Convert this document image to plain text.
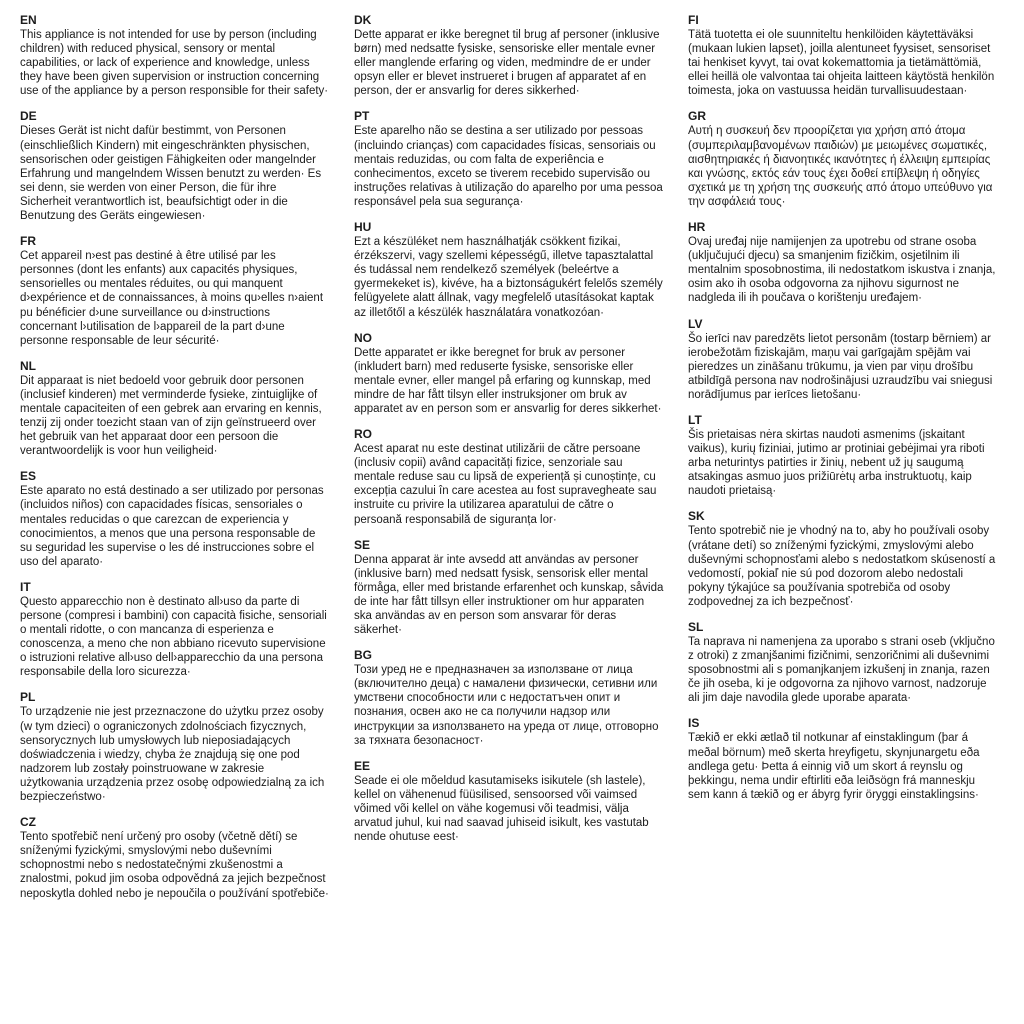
EN

This appliance is not intended for use by person (including children) with reduced physical, sensory or mental capabilities, or lack of experience and knowledge, unless they have been given supervision or instruction concerning use of the appliance by a person responsible for their safety·

DE

Dieses Gerät ist nicht dafür bestimmt, von Personen (einschließlich Kindern) mit eingeschränkten physischen, sensorischen oder geistigen Fähigkeiten oder mangelnder Erfahrung und mangelndem Wissen benutzt zu werden· Es sei denn, sie werden von einer Person, die für ihre Sicherheit verantwortlich ist, beaufsichtigt oder in die Benutzung des Geräts eingewiesen·

FR

Cet appareil n›est pas destiné à être utilisé par les personnes (dont les enfants) aux capacités physiques, sensorielles ou mentales réduites, ou qui manquent d›expérience et de connaissances, à moins qu›elles n›aient pu bénéficier d›une surveillance ou d›instructions concernant l›utilisation de l›appareil de la part d›une personne responsable de leur sécurité·

NL

Dit apparaat is niet bedoeld voor gebruik door personen (inclusief kinderen) met verminderde fysieke, zintuiglijke of mentale capaciteiten of een gebrek aan ervaring en kennis, tenzij zij onder toezicht staan van of zijn geïnstrueerd over het gebruik van het apparaat door een persoon die verantwoordelijk is voor hun veiligheid·

ES

Este aparato no está destinado a ser utilizado por personas (incluidos niños) con capacidades físicas, sensoriales o mentales reducidas o que carezcan de experiencia y conocimientos, a menos que una persona responsable de su seguridad les supervise o les dé instrucciones sobre el uso del aparato·

IT

Questo apparecchio non è destinato all›uso da parte di persone (compresi i bambini) con capacità fisiche, sensoriali o mentali ridotte, o con mancanza di esperienza e conoscenza, a meno che non abbiano ricevuto supervisione o istruzioni relative all›uso dell›apparecchio da una persona responsabile della loro sicurezza·

PL

To urządzenie nie jest przeznaczone do użytku przez osoby (w tym dzieci) o ograniczonych zdolnościach fizycznych, sensorycznych lub umysłowych lub nieposiadających doświadczenia i wiedzy, chyba że znajdują się one pod nadzorem lub zostały poinstruowane w zakresie użytkowania urządzenia przez osobę odpowiedzialną za ich bezpieczeństwo·

CZ

Tento spotřebič není určený pro osoby (včetně dětí) se sníženými fyzickými, smyslovými nebo duševními schopnostmi nebo s nedostatečnými zkušenostmi a znalostmi, pokud jim osoba odpovědná za jejich bezpečnost neposkytla dohled nebo je nepoučila o používání spotřebiče·

DK

Dette apparat er ikke beregnet til brug af personer (inklusive børn) med nedsatte fysiske, sensoriske eller mentale evner eller manglende erfaring og viden, medmindre de er under opsyn eller er blevet instrueret i brugen af apparatet af en person, der er ansvarlig for deres sikkerhed·

PT

Este aparelho não se destina a ser utilizado por pessoas (incluindo crianças) com capacidades físicas, sensoriais ou mentais reduzidas, ou com falta de experiência e conhecimentos, exceto se tiverem recebido supervisão ou instruções relativas à utilização do aparelho por uma pessoa responsável pela sua segurança·

HU

Ezt a készüléket nem használhatják csökkent fizikai, érzékszervi, vagy szellemi képességű, illetve tapasztalattal és tudással nem rendelkező személyek (beleértve a gyermekeket is), kivéve, ha a biztonságukért felelős személy felügyelete alatt állnak, vagy megfelelő utasításokat kaptak az illetőtől a készülék használatára vonatkozóan·

NO

Dette apparatet er ikke beregnet for bruk av personer (inkludert barn) med reduserte fysiske, sensoriske eller mentale evner, eller mangel på erfaring og kunnskap, med mindre de har fått tilsyn eller instruksjoner om bruk av apparatet av en person som er ansvarlig for deres sikkerhet·

RO

Acest aparat nu este destinat utilizării de către persoane (inclusiv copii) având capacități fizice, senzoriale sau mentale reduse sau cu lipsă de experiență și cunoștințe, cu excepția cazului în care acestea au fost supravegheate sau instruite cu privire la utilizarea aparatului de către o persoană responsabilă de siguranța lor·

SE

Denna apparat är inte avsedd att användas av personer (inklusive barn) med nedsatt fysisk, sensorisk eller mental förmåga, eller med bristande erfarenhet och kunskap, såvida de inte har fått tillsyn eller instruktioner om hur apparaten ska användas av en person som ansvarar för deras säkerhet·

BG

Този уред не е предназначен за използване от лица (включително деца) с намалени физически, сетивни или умствени способности или с недостатъчен опит и познания, освен ако не са получили надзор или инструкции за използването на уреда от лице, отговорно за тяхната безопасност·

EE

Seade ei ole mõeldud kasutamiseks isikutele (sh lastele), kellel on vähenenud füüsilised, sensoorsed või vaimsed võimed või kellel on vähe kogemusi või teadmisi, välja arvatud juhul, kui nad saavad juhiseid isikult, kes vastutab nende ohutuse eest·

FI

Tätä tuotetta ei ole suunniteltu henkilöiden käytettäväksi (mukaan lukien lapset), joilla alentuneet fyysiset, sensoriset tai henkiset kyvyt, tai ovat kokemattomia ja tietämättömiä, ellei heillä ole valvontaa tai ohjeita laitteen käytöstä henkilön toimesta, joka on vastuussa heidän turvallisuudestaan·

GR

Αυτή η συσκευή δεν προορίζεται για χρήση από άτομα (συμπεριλαμβανομένων παιδιών) με μειωμένες σωματικές, αισθητηριακές ή διανοητικές ικανότητες ή έλλειψη εμπειρίας και γνώσης, εκτός εάν τους έχει δοθεί επίβλεψη ή οδηγίες σχετικά με τη χρήση της συσκευής από άτομο υπεύθυνο για την ασφάλειά τους·

HR

Ovaj uređaj nije namijenjen za upotrebu od strane osoba (uključujući djecu) sa smanjenim fizičkim, osjetilnim ili mentalnim sposobnostima, ili nedostatkom iskustva i znanja, osim ako ih osoba odgovorna za njihovu sigurnost ne nadgleda ili ih poučava o korištenju uređajem·

LV

Šo ierīci nav paredzēts lietot personām (tostarp bērniem) ar ierobežotām fiziskajām, maņu vai garīgajām spējām vai pieredzes un zināšanu trūkumu, ja vien par viņu drošību atbildīgā persona nav nodrošinājusi uzraudzību vai sniegusi norādījumus par ierīces lietošanu·

LT

Šis prietaisas nėra skirtas naudoti asmenims (įskaitant vaikus), kurių fiziniai, jutimo ar protiniai gebėjimai yra riboti arba neturintys patirties ir žinių, nebent už jų saugumą atsakingas asmuo juos prižiūrėtų arba instruktuotų, kaip naudoti prietaisą·

SK

Tento spotrebič nie je vhodný na to, aby ho používali osoby (vrátane detí) so zníženými fyzickými, zmyslovými alebo duševnými schopnosťami alebo s nedostatkom skúseností a vedomostí, pokiaľ nie sú pod dozorom alebo nedostali pokyny týkajúce sa používania spotrebiča od osoby zodpovednej za ich bezpečnosť·

SL

Ta naprava ni namenjena za uporabo s strani oseb (vključno z otroki) z zmanjšanimi fizičnimi, senzoričnimi ali duševnimi sposobnostmi ali s pomanjkanjem izkušenj in znanja, razen če jih oseba, ki je odgovorna za njihovo varnost, nadzoruje ali jim daje navodila glede uporabe aparata·

IS

Tækið er ekki ætlað til notkunar af einstaklingum (þar á meðal börnum) með skerta hreyfigetu, skynjunargetu eða andlega getu· Þetta á einnig við um skort á reynslu og þekkingu, nema undir eftirliti eða leiðsögn frá manneskju sem kann á tækið og er ábyrg fyrir öryggi einstaklingsins·
